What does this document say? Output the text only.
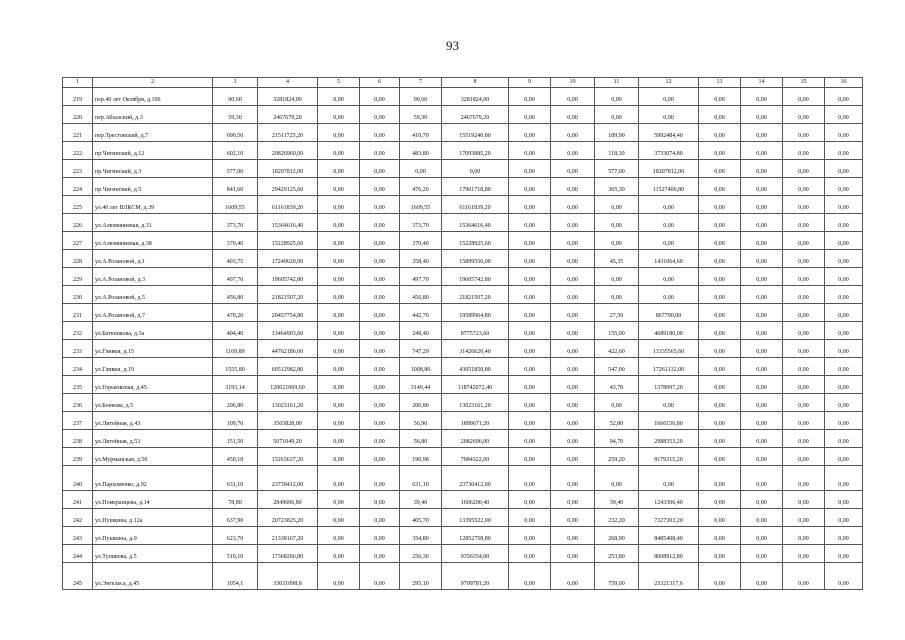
93
1	2	3	4	5	6	7	8	9	10	11	12	13	14	15	16
219	пер.40 лет Октября, д.106	90,60	3281824,00	0,00	0,00	90,60	3281824,00	0,00	0,00	0,00	0,00	0,00	0,00	0,00	0,00
220	пер.Абхазский, д.3	59,30	2467679,20	0,00	0,00	59,30	2467679,20	0,00	0,00	0,00	0,00	0,00	0,00	0,00	0,00
221	пер.Трестовский, д.7	690,50	21511725,20	0,00	0,00	410,70	15519240,80	0,00	0,00	189,90	5992484,40	0,00	0,00	0,00	0,00
222	пр.Чигинский, д.12	602,10	20826960,00	0,00	0,00	483,80	17093885,20	0,00	0,00	118,30	3733074,80	0,00	0,00	0,00	0,00
223	пр.Чигинский, д.3	577,00	18207812,00	0,00	0,00	0,00	0,00	0,00	0,00	577,00	18207812,00	0,00	0,00	0,00	0,00
224	пр.Чигинский, д.5	841,60	29429125,60	0,00	0,00	476,20	17901718,80	0,00	0,00	365,30	11527406,80	0,00	0,00	0,00	0,00
225	ул.40 лет ВЛКСМ, д.39	1609,55	61161839,20	0,00	0,00	1609,55	61161839,20	0,00	0,00	0,00	0,00	0,00	0,00	0,00	0,00
226	ул.Алюминиевая, д.31	373,70	15364616,40	0,00	0,00	373,70	15364616,40	0,00	0,00	0,00	0,00	0,00	0,00	0,00	0,00
227	ул.Алюминиевая, д.38	370,40	15228925,60	0,00	0,00	370,40	15228925,60	0,00	0,00	0,00	0,00	0,00	0,00	0,00	0,00
228	ул.А.Розановой, д.1	403,75	17249620,00	0,00	0,00	358,40	15899556,00	0,00	0,00	45,35	1431064,60	0,00	0,00	0,00	0,00
229	ул.А.Розановой, д.3	497,70	19605742,80	0,00	0,00	497,70	19605742,80	0,00	0,00	0,00	0,00	0,00	0,00	0,00	0,00
230	ул.А.Розановой, д.5	456,80	21821507,20	0,00	0,00	456,80	21821507,20	0,00	0,00	0,00	0,00	0,00	0,00	0,00	0,00
231	ул.А.Розановой, д.7	470,20	20457754,80	0,00	0,00	442,70	19589964,80	0,00	0,00	27,50	867790,00	0,00	0,00	0,00	0,00
232	ул.Батюшкова, д.3а	404,40	13464903,60	0,00	0,00	249,40	8775723,60	0,00	0,00	155,00	4689180,00	0,00	0,00	0,00	0,00
233	ул.Гливки, д.15	1169,89	44762186,60	0,00	0,00	747,29	31426620,40	0,00	0,00	422,60	13335565,60	0,00	0,00	0,00	0,00
234	ул.Гливки, д.19	1555,80	60512982,80	0,00	0,00	1008,80	43051850,80	0,00	0,00	547,00	17261132,00	0,00	0,00	0,00	0,00
235	ул.Горьковская, д.45	3193,14	120021069,60	0,00	0,00	3149,44	118742072,40	0,00	0,00	43,70	1378997,20	0,00	0,00	0,00	0,00
236	ул.Боевова, д.5	206,80	13023161,20	0,00	0,00	206,80	13023161,20	0,00	0,00	0,00	0,00	0,00	0,00	0,00	0,00
237	ул.Литейная, д.43	109,70	3565828,00	0,00	0,00	56,90	1899671,20	0,00	0,00	52,80	1666156,80	0,00	0,00	0,00	0,00
238	ул.Литейная, д.53	151,50	5071049,20	0,00	0,00	56,80	2082696,00	0,00	0,00	94,70	2988353,20	0,00	0,00	0,00	0,00
239	ул.Мурманская, д.50	450,18	15263637,20	0,00	0,00	190,98	7084322,00	0,00	0,00	259,20	8179315,20	0,00	0,00	0,00	0,00
240	ул.Пархоменко, д.92	631,10	23730412,00	0,00	0,00	631,10	23730412,00	0,00	0,00	0,00	0,00	0,00	0,00	0,00	0,00
241	ул.Померанцева, д.14	78,80	2849606,80	0,00	0,00	39,40	1606200,40	0,00	0,00	39,40	1243306,40	0,00	0,00	0,00	0,00
242	ул.Пушкина, д.12а	637,90	20723825,20	0,00	0,00	405,70	13395522,00	0,00	0,00	232,20	7327303,20	0,00	0,00	0,00	0,00
243	ул.Пушкина, д.9	623,70	21338167,20	0,00	0,00	354,80	12852758,80	0,00	0,00	268,90	8485408,40	0,00	0,00	0,00	0,00
244	ул.Тупикова, д.5	510,10	17368266,80	0,00	0,00	256,30	9356354,00	0,00	0,00	253,80	8008912,80	0,00	0,00	0,00	0,00
245	ул.Энгельса, д.45	1054,1	33031098,8	0,00	0,00	295,10	9709781,20	0,00	0,00	759,00	23321317,6	0,00	0,00	0,00	0,00
